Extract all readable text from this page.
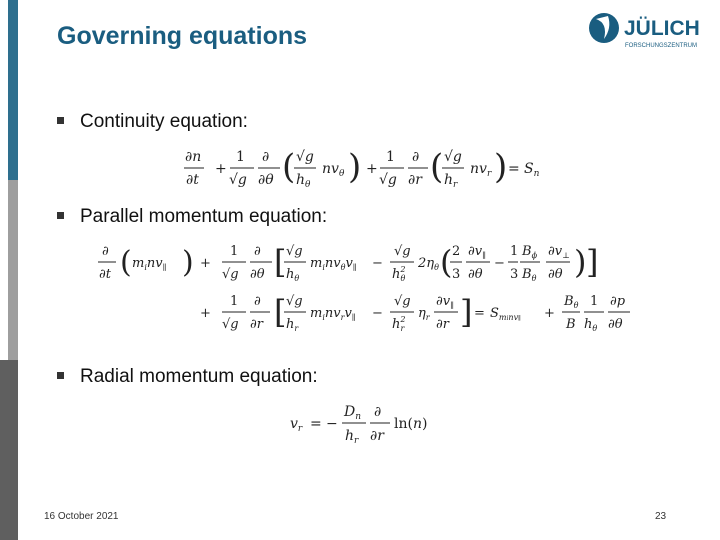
Governing equations	JÜLICH
FORSCHUNGSZENTRUM
Continuity equation:
∂n
∂t
+
1
√g
∂
∂θ ( √g
$h_\theta$
$nv_\theta$ ) +
1
√g
∂
∂r ( √g
$h_r$
$nv_r$ ) = $S_n$
Parallel momentum equation:
∂
∂t ( $m_inv_\parallel$ ) +
1
√g
∂
∂θ [ √g
$h_\theta$
$m_inv_\theta v_\parallel$ −
√g
$h^2$ θ
$2\eta_\theta$ ( 2
3
$\partial v_\parallel$
∂θ
−
1
3
$B_\phi$
$B_\theta$
$\partial v_\perp$
∂θ ) ]
+
1
√g
∂
∂r [ √g
$h_r$
$m_inv_rv_\parallel$ −
√g
$h^2$ r
$\eta_r$
$\partial v_\parallel$
∂r ] = $S_{minv\parallel}$ +
$B_\theta$
B
1
$h_\theta$
∂p
∂θ
Radial momentum equation:
$v_r$ = −
$D_n$
$h_r$
∂
∂r
ln(n)
16 October 2021	23
